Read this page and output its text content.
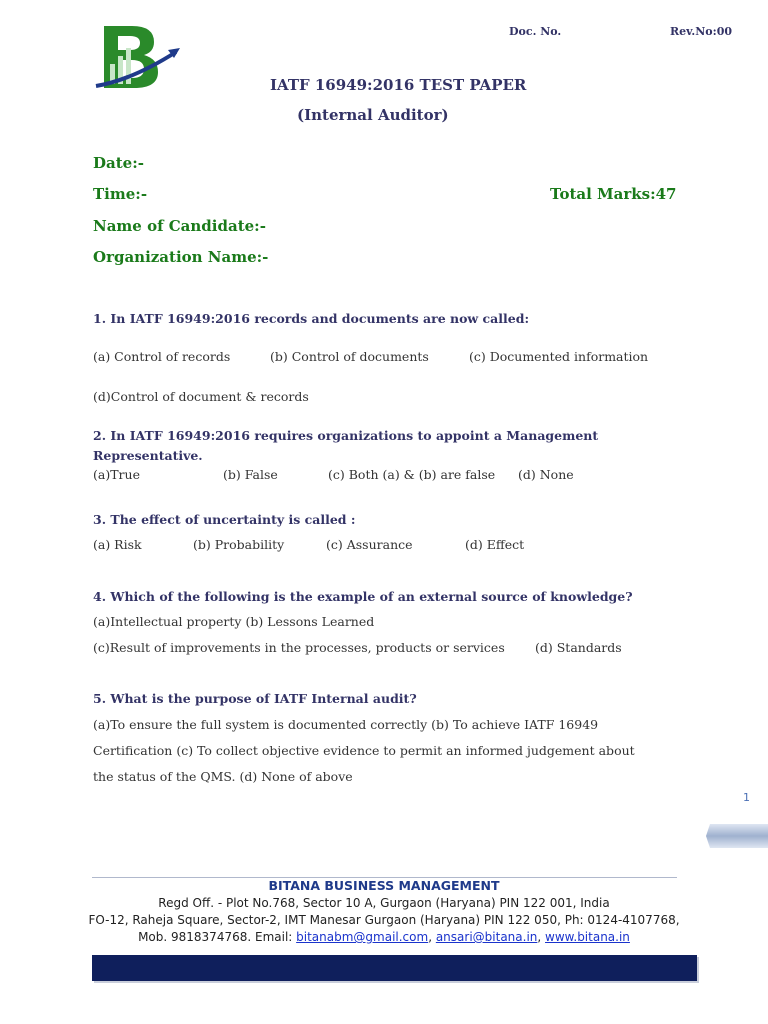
Doc. No.	Rev.No:00
IATF 16949:2016 TEST PAPER
(Internal Auditor)
Date:-
Time:-	Total Marks:47
Name of Candidate:-
Organization Name:-
1. In IATF 16949:2016 records and documents are now called:
(a) Control of records	(b) Control of documents	(c) Documented information
(d)Control of document & records
2. In IATF 16949:2016 requires organizations to appoint a Management
Representative.
(a)True	(b) False	(c) Both (a) & (b) are false (d) None
3. The effect of uncertainty is called :
(a) Risk	(b) Probability	(c) Assurance	(d) Effect
4. Which of the following is the example of an external source of knowledge?
(a)Intellectual property (b) Lessons Learned
(c)Result of improvements in the processes, products or services (d) Standards
5. What is the purpose of IATF Internal audit?
(a)To ensure the full system is documented correctly (b) To achieve IATF 16949
Certification (c) To collect objective evidence to permit an informed judgement about
the status of the QMS. (d) None of above
1
BITANA BUSINESS MANAGEMENT
Regd Off. - Plot No.768, Sector 10 A, Gurgaon (Haryana) PIN 122 001, India
FO-12, Raheja Square, Sector-2, IMT Manesar Gurgaon (Haryana) PIN 122 050, Ph: 0124-4107768,
Mob. 9818374768. Email: bitanabm@gmail.com, ansari@bitana.in, www.bitana.in
